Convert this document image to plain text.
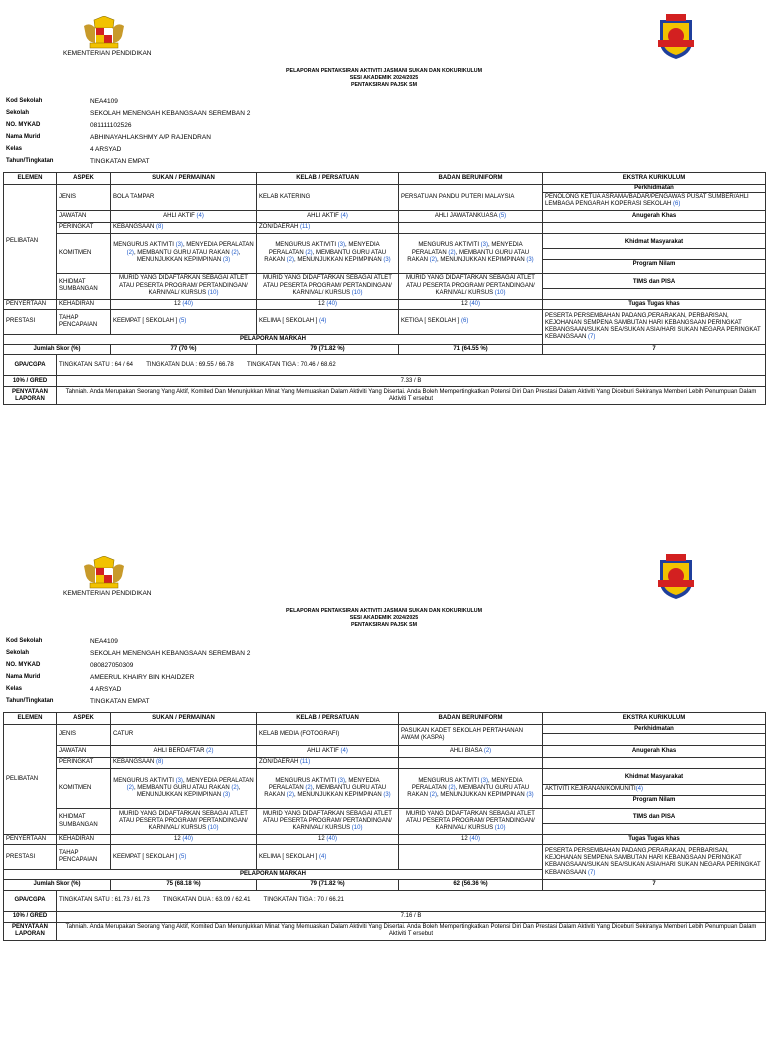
KEMENTERIAN PENDIDIKAN
PELAPORAN PENTAKSIRAN AKTIVITI JASMANI SUKAN DAN KOKURIKULUM
SESI AKADEMIK 2024/2025
PENTAKSIRAN PAJSK SM
Kod Sekolah	NEA4109
Sekolah	SEKOLAH MENENGAH KEBANGSAAN SEREMBAN 2
NO. MYKAD	081111102526
Nama Murid	ABHINAYAHLAKSHMY A/P RAJENDRAN
Kelas	4 ARSYAD
Tahun/Tingkatan	TINGKATAN EMPAT
ELEMEN	ASPEK	SUKAN / PERMAINAN	KELAB / PERSATUAN	BADAN BERUNIFORM	EKSTRA KURIKULUM
PELIBATAN	JENIS	BOLA TAMPAR	KELAB KATERING	PERSATUAN PANDU PUTERI MALAYSIA	Perkhidmatan
PENOLONG KETUA ASRAMA/BADAR/PENGAWAS PUSAT SUMBER/AHLI LEMBAGA PENGARAH KOPERASI SEKOLAH (6)

	JAWATAN	AHLI AKTIF (4)	AHLI AKTIF (4)	AHLI JAWATANKUASA (5)	Anugerah Khas
	PERINGKAT	KEBANGSAAN (8)	ZON/DAERAH (11)		
	KOMITMEN	MENGURUS AKTIVITI (3), MENYEDIA PERALATAN (2), MEMBANTU GURU ATAU RAKAN (2), MENUNJUKKAN KEPIMPINAN (3)	MENGURUS AKTIVITI (3), MENYEDIA PERALATAN (2), MEMBANTU GURU ATAU RAKAN (2), MENUNJUKKAN KEPIMPINAN (3)	MENGURUS AKTIVITI (3), MENYEDIA PERALATAN (2), MEMBANTU GURU ATAU RAKAN (2), MENUNJUKKAN KEPIMPINAN (3)	Khidmat Masyarakat
Program Nilam

	KHIDMAT SUMBANGAN	MURID YANG DIDAFTARKAN SEBAGAI ATLET ATAU PESERTA PROGRAM/ PERTANDINGAN/ KARNIVAL/ KURSUS (10)	MURID YANG DIDAFTARKAN SEBAGAI ATLET ATAU PESERTA PROGRAM/ PERTANDINGAN/ KARNIVAL/ KURSUS (10)	MURID YANG DIDAFTARKAN SEBAGAI ATLET ATAU PESERTA PROGRAM/ PERTANDINGAN/ KARNIVAL/ KURSUS (10)	TIMS dan PISA

PENYERTAAN	KEHADIRAN	12 (40)	12 (40)	12 (40)	Tugas Tugas khas
PRESTASI	TAHAP PENCAPAIAN	KEEMPAT [ SEKOLAH ] (5)	KELIMA [ SEKOLAH ] (4)	KETIGA [ SEKOLAH ] (6)	PESERTA PERSEMBAHAN PADANG,PERARAKAN, PERBARISAN, KEJOHANAN SEMPENA SAMBUTAN HARI KEBANGSAAN PERINGKAT KEBANGSAAN/SUKAN SEA/SUKAN ASIA/HARI SUKAN NEGARA PERINGKAT KEBANGSAAN (7)
PELAPORAN MARKAH					
Jumlah Skor (%)		77 (70 %)	79 (71.82 %)	71 (64.55 %)	7
GPA/CGPA	TINGKATAN SATU : 64 / 64        TINGKATAN DUA : 69.55 / 66.78        TINGKATAN TIGA : 70.46 / 68.62				
10% / GRED	7.33 / B				
PENYATAAN LAPORAN	Tahniah. Anda Merupakan Seorang Yang Aktif, Komited Dan Menunjukkan Minat Yang Memuaskan Dalam Aktiviti Yang Disertai. Anda Boleh Mempertingkatkan Potensi Diri Dan Prestasi Dalam Aktiviti Yang Diceburi Sekiranya Memberi Lebih Penumpuan Dalam Aktiviti T ersebut				
KEMENTERIAN PENDIDIKAN
PELAPORAN PENTAKSIRAN AKTIVITI JASMANI SUKAN DAN KOKURIKULUM
SESI AKADEMIK 2024/2025
PENTAKSIRAN PAJSK SM
Kod Sekolah	NEA4109
Sekolah	SEKOLAH MENENGAH KEBANGSAAN SEREMBAN 2
NO. MYKAD	080827050309
Nama Murid	AMEERUL KHAIRY BIN KHAIDZER
Kelas	4 ARSYAD
Tahun/Tingkatan	TINGKATAN EMPAT
ELEMEN	ASPEK	SUKAN / PERMAINAN	KELAB / PERSATUAN	BADAN BERUNIFORM	EKSTRA KURIKULUM
PELIBATAN	JENIS	CATUR	KELAB MEDIA (FOTOGRAFI)	PASUKAN KADET SEKOLAH PERTAHANAN AWAM (KASPA)	Perkhidmatan

	JAWATAN	AHLI BERDAFTAR (2)	AHLI AKTIF (4)	AHLI BIASA (2)	Anugerah Khas
	PERINGKAT	KEBANGSAAN (8)	ZON/DAERAH (11)		
	KOMITMEN	MENGURUS AKTIVITI (3), MENYEDIA PERALATAN (2), MEMBANTU GURU ATAU RAKAN (2), MENUNJUKKAN KEPIMPINAN (3)	MENGURUS AKTIVITI (3), MENYEDIA PERALATAN (2), MEMBANTU GURU ATAU RAKAN (2), MENUNJUKKAN KEPIMPINAN (3)	MENGURUS AKTIVITI (3), MENYEDIA PERALATAN (2), MEMBANTU GURU ATAU RAKAN (2), MENUNJUKKAN KEPIMPINAN (3)	Khidmat Masyarakat
AKTIVITI KEJIRANAN/KOMUNITI(4)
Program Nilam

	KHIDMAT SUMBANGAN	MURID YANG DIDAFTARKAN SEBAGAI ATLET ATAU PESERTA PROGRAM/ PERTANDINGAN/ KARNIVAL/ KURSUS (10)	MURID YANG DIDAFTARKAN SEBAGAI ATLET ATAU PESERTA PROGRAM/ PERTANDINGAN/ KARNIVAL/ KURSUS (10)	MURID YANG DIDAFTARKAN SEBAGAI ATLET ATAU PESERTA PROGRAM/ PERTANDINGAN/ KARNIVAL/ KURSUS (10)	TIMS dan PISA

PENYERTAAN	KEHADIRAN	12 (40)	12 (40)	12 (40)	Tugas Tugas khas
PRESTASI	TAHAP PENCAPAIAN	KEEMPAT [ SEKOLAH ] (5)	KELIMA [ SEKOLAH ] (4)		PESERTA PERSEMBAHAN PADANG,PERARAKAN, PERBARISAN, KEJOHANAN SEMPENA SAMBUTAN HARI KEBANGSAAN PERINGKAT KEBANGSAAN/SUKAN SEA/SUKAN ASIA/HARI SUKAN NEGARA PERINGKAT KEBANGSAAN (7)
PELAPORAN MARKAH					
Jumlah Skor (%)		75 (68.18 %)	79 (71.82 %)	62 (56.36 %)	7
GPA/CGPA	TINGKATAN SATU : 61.73 / 61.73        TINGKATAN DUA : 63.09 / 62.41        TINGKATAN TIGA : 70 / 66.21				
10% / GRED	7.16 / B				
PENYATAAN LAPORAN	Tahniah. Anda Merupakan Seorang Yang Aktif, Komited Dan Menunjukkan Minat Yang Memuaskan Dalam Aktiviti Yang Disertai. Anda Boleh Mempertingkatkan Potensi Diri Dan Prestasi Dalam Aktiviti Yang Diceburi Sekiranya Memberi Lebih Penumpuan Dalam Aktiviti T ersebut				
